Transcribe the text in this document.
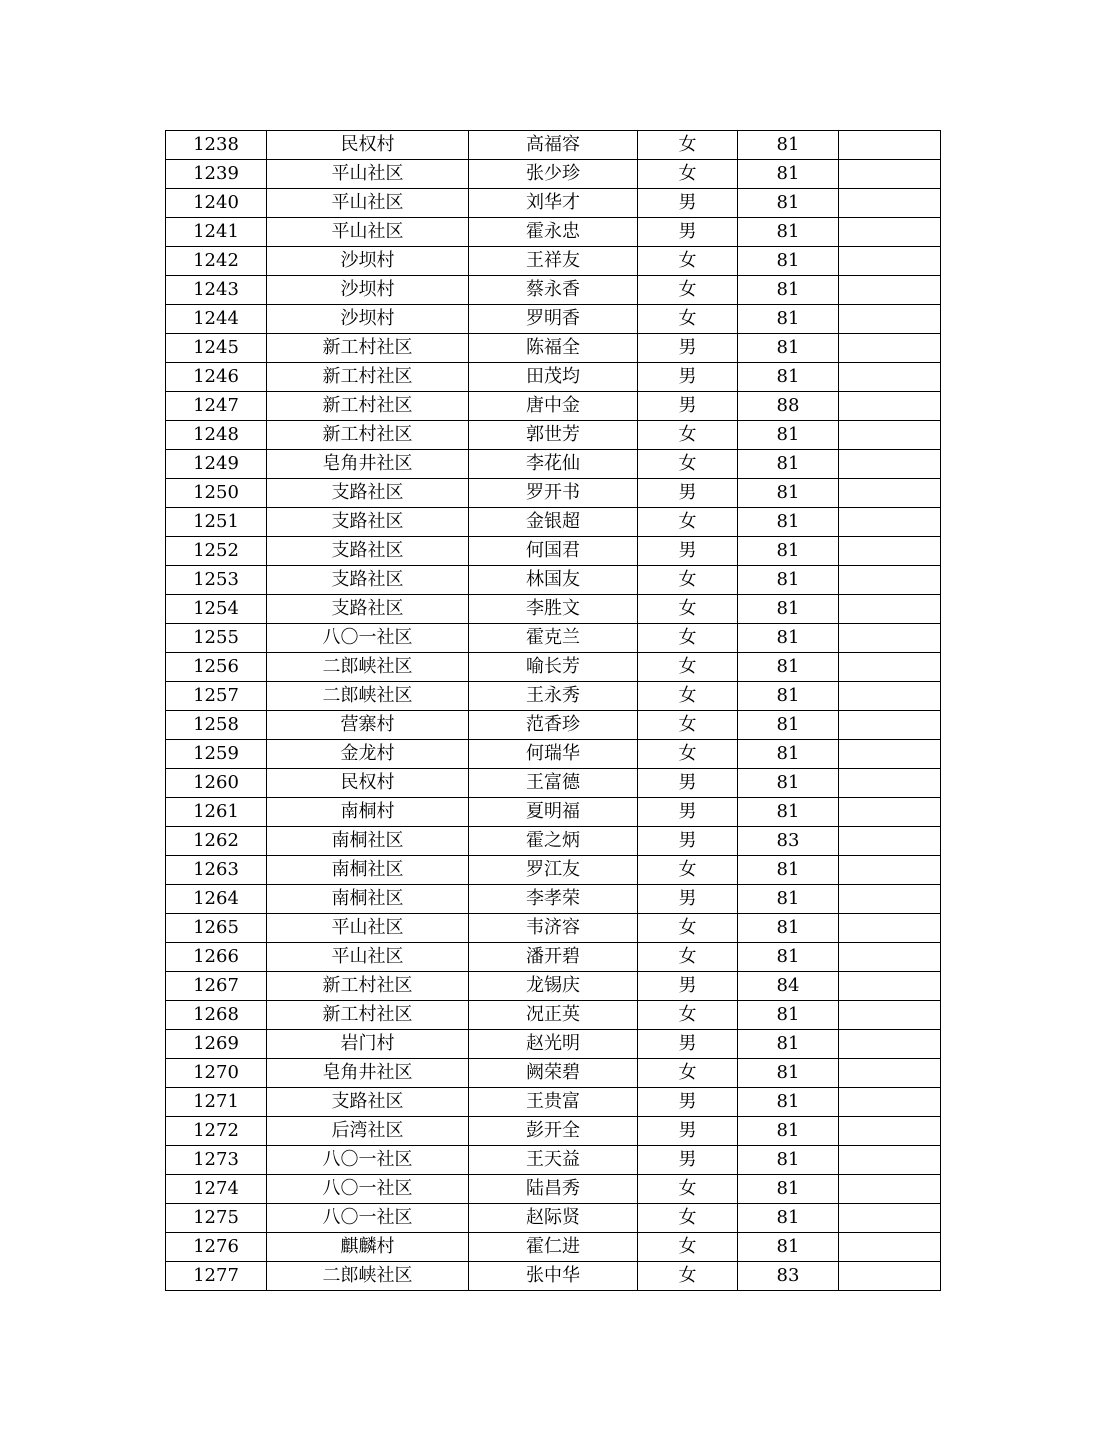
1238	民权村	高福容	女	81	
1239	平山社区	张少珍	女	81	
1240	平山社区	刘华才	男	81	
1241	平山社区	霍永忠	男	81	
1242	沙坝村	王祥友	女	81	
1243	沙坝村	蔡永香	女	81	
1244	沙坝村	罗明香	女	81	
1245	新工村社区	陈福全	男	81	
1246	新工村社区	田茂均	男	81	
1247	新工村社区	唐中金	男	88	
1248	新工村社区	郭世芳	女	81	
1249	皂角井社区	李花仙	女	81	
1250	支路社区	罗开书	男	81	
1251	支路社区	金银超	女	81	
1252	支路社区	何国君	男	81	
1253	支路社区	林国友	女	81	
1254	支路社区	李胜文	女	81	
1255	八〇一社区	霍克兰	女	81	
1256	二郎峡社区	喻长芳	女	81	
1257	二郎峡社区	王永秀	女	81	
1258	营寨村	范香珍	女	81	
1259	金龙村	何瑞华	女	81	
1260	民权村	王富德	男	81	
1261	南桐村	夏明福	男	81	
1262	南桐社区	霍之炳	男	83	
1263	南桐社区	罗江友	女	81	
1264	南桐社区	李孝荣	男	81	
1265	平山社区	韦济容	女	81	
1266	平山社区	潘开碧	女	81	
1267	新工村社区	龙锡庆	男	84	
1268	新工村社区	况正英	女	81	
1269	岩门村	赵光明	男	81	
1270	皂角井社区	阙荣碧	女	81	
1271	支路社区	王贵富	男	81	
1272	后湾社区	彭开全	男	81	
1273	八〇一社区	王天益	男	81	
1274	八〇一社区	陆昌秀	女	81	
1275	八〇一社区	赵际贤	女	81	
1276	麒麟村	霍仁进	女	81	
1277	二郎峡社区	张中华	女	83	
